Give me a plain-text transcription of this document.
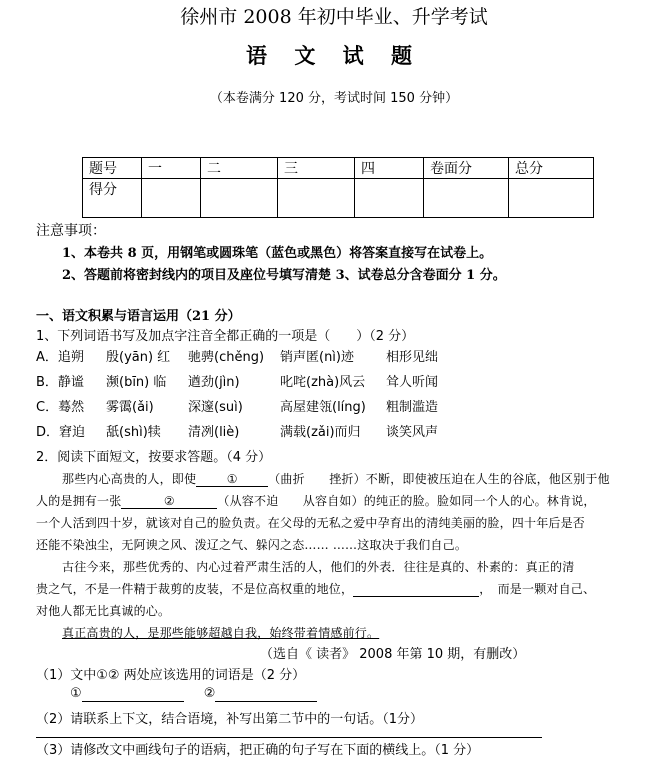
徐州市 2008 年初中毕业、升学考试
语 文 试 题
（本卷满分 120 分，考试时间 150 分钟）
题号	一	二	三	四	卷面分	总分
得分						
注意事项：
1、本卷共 8 页，用钢笔或圆珠笔（蓝色或黑色）将答案直接写在试卷上。
2、答题前将密封线内的项目及座位号填写清楚 3、试卷总分含卷面分 1 分。
一、语文积累与语言运用（21 分）
1、下列词语书写及加点字注音全都正确的一项是（　　）（2 分）
A．追朔 殷(yān) 红 驰骋(chěng) 销声匿(nì)迹 相形见绌
B．静谧 濒(bīn) 临 遒劲(jìn)	叱咤(zhà)风云 耸人听闻
C．蓦然 雾霭(ǎi)	深邃(suì)	高屋建瓴(líng) 粗制滥造
D．窘迫 舐(shì)犊 清冽(liè)	满载(zǎi)而归 谈笑风声
2．阅读下面短文，按要求答题。（4 分）
那些内心高贵的人，即使	①	（曲折　　挫折）不断，即使被压迫在人生的谷底，他区别于他
人的是拥有一张	②	（从容不迫　　从容自如）的纯正的脸。脸如同一个人的心。林肯说，
一个人活到四十岁，就该对自己的脸负责。在父母的无私之爱中孕育出的清纯美丽的脸，四十年后是否
还能不染浊尘，无阿谀之风、泼辽之气、躲闪之态…… ……这取决于我们自己。
古往今来，那些优秀的、内心过着严肃生活的人，他们的外表．往往是真的、朴素的：真正的清
贵之气，不是一件精于裁剪的皮装，不是位高权重的地位，	，　而是一颗对自己、
对他人都无比真诚的心。
真正高贵的人，是那些能够超越自我，始终带着情感前行。
（选自《 读者》 2008 年第 10 期，有删改）
（1）文中①② 两处应该选用的词语是（2 分）
①	②
（2）请联系上下文，结合语境，补写出第二节中的一句话。（1分）
（3）请修改文中画线句子的语病，把正确的句子写在下面的横线上。（1 分）
